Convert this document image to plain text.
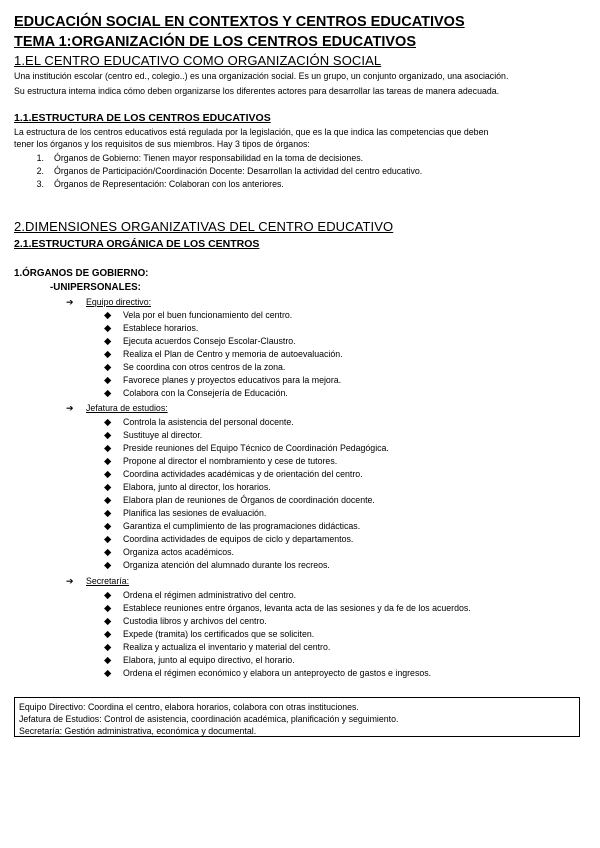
EDUCACIÓN SOCIAL EN CONTEXTOS Y CENTROS EDUCATIVOS
TEMA 1:ORGANIZACIÓN DE LOS CENTROS EDUCATIVOS
1.EL CENTRO EDUCATIVO COMO ORGANIZACIÓN SOCIAL
Una institución escolar (centro ed., colegio..) es una organización social. Es un grupo, un conjunto organizado, una asociación.
Su estructura interna indica cómo deben organizarse los diferentes actores para desarrollar las tareas de manera adecuada.
1.1.ESTRUCTURA DE LOS CENTROS EDUCATIVOS
La estructura de los centros educativos está regulada por la legislación, que es la que indica las competencias que deben
tener los órganos y los requisitos de sus miembros. Hay 3 tipos de órganos:
1. Órganos de Gobierno: Tienen mayor responsabilidad en la toma de decisiones.
2. Órganos de Participación/Coordinación Docente: Desarrollan la actividad del centro educativo.
3. Órganos de Representación: Colaboran con los anteriores.
2.DIMENSIONES ORGANIZATIVAS DEL CENTRO EDUCATIVO
2.1.ESTRUCTURA ORGÁNICA DE LOS CENTROS
1.ÓRGANOS DE GOBIERNO:
-UNIPERSONALES:
➔ Equipo directivo:
◆ Vela por el buen funcionamiento del centro.
◆ Establece horarios.
◆ Ejecuta acuerdos Consejo Escolar-Claustro.
◆ Realiza el Plan de Centro y memoria de autoevaluación.
◆ Se coordina con otros centros de la zona.
◆ Favorece planes y proyectos educativos para la mejora.
◆ Colabora con la Consejería de Educación.
➔ Jefatura de estudios:
◆ Controla la asistencia del personal docente.
◆ Sustituye al director.
◆ Preside reuniones del Equipo Técnico de Coordinación Pedagógica.
◆ Propone al director el nombramiento y cese de tutores.
◆ Coordina actividades académicas y de orientación del centro.
◆ Elabora, junto al director, los horarios.
◆ Elabora plan de reuniones de Órganos de coordinación docente.
◆ Planifica las sesiones de evaluación.
◆ Garantiza el cumplimiento de las programaciones didácticas.
◆ Coordina actividades de equipos de ciclo y departamentos.
◆ Organiza actos académicos.
◆ Organiza atención del alumnado durante los recreos.
➔ Secretaría:
◆ Ordena el régimen administrativo del centro.
◆ Establece reuniones entre órganos, levanta acta de las sesiones y da fe de los acuerdos.
◆ Custodia libros y archivos del centro.
◆ Expede (tramita) los certificados que se soliciten.
◆ Realiza y actualiza el inventario y material del centro.
◆ Elabora, junto al equipo directivo, el horario.
◆ Ordena el régimen económico y elabora un anteproyecto de gastos e ingresos.
Equipo Directivo: Coordina el centro, elabora horarios, colabora con otras instituciones.
Jefatura de Estudios: Control de asistencia, coordinación académica, planificación y seguimiento.
Secretaría: Gestión administrativa, económica y documental.
